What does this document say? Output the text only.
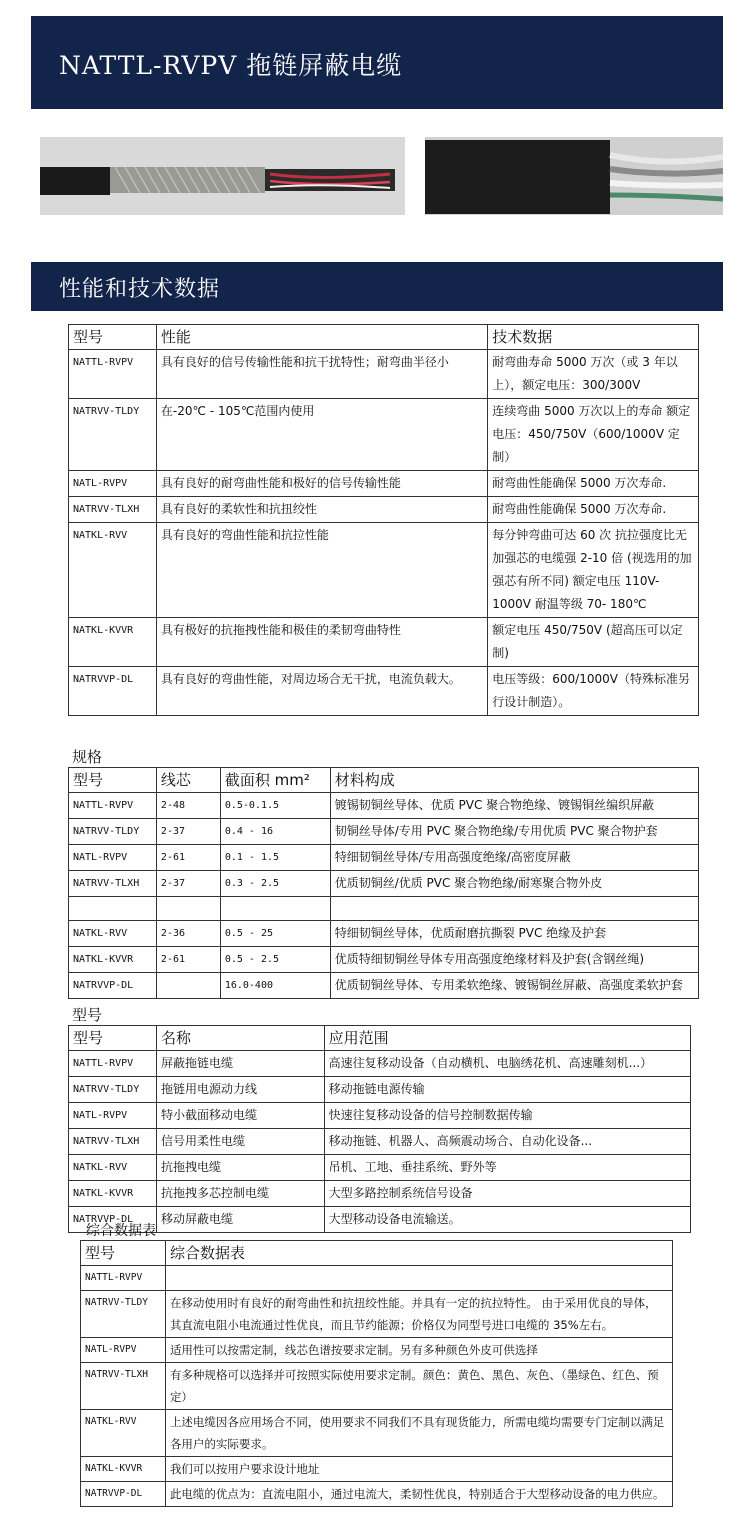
NATTL-RVPV 拖链屏蔽电缆
性能和技术数据
型号	性能	技术数据
NATTL-RVPV	具有良好的信号传输性能和抗干扰特性；耐弯曲半径小	耐弯曲寿命 5000 万次（或 3 年以上），额定电压：300/300V
NATRVV-TLDY	在-20℃ - 105℃范围内使用	连续弯曲 5000 万次以上的寿命 额定电压：450/750V（600/1000V 定制）
NATL-RVPV	具有良好的耐弯曲性能和极好的信号传输性能	耐弯曲性能确保 5000 万次寿命.
NATRVV-TLXH	具有良好的柔软性和抗扭绞性	耐弯曲性能确保 5000 万次寿命.
NATKL-RVV	具有良好的弯曲性能和抗拉性能	每分钟弯曲可达 60 次 抗拉强度比无加强芯的电缆强 2-10 倍 (视选用的加强芯有所不同) 额定电压 110V- 1000V 耐温等级 70- 180℃
NATKL-KVVR	具有极好的抗拖拽性能和极佳的柔韧弯曲特性	额定电压 450/750V (超高压可以定制)
NATRVVP-DL	具有良好的弯曲性能，对周边场合无干扰，电流负载大。	电压等级：600/1000V（特殊标准另行设计制造）。
规格
型号	线芯	截面积 mm²	材料构成
NATTL-RVPV	2-48	0.5-0.1.5	镀锡韧铜丝导体、优质 PVC 聚合物绝缘、镀锡铜丝编织屏蔽
NATRVV-TLDY	2-37	0.4 - 16	韧铜丝导体/专用 PVC 聚合物绝缘/专用优质 PVC 聚合物护套
NATL-RVPV	2-61	0.1 - 1.5	特细韧铜丝导体/专用高强度绝缘/高密度屏蔽
NATRVV-TLXH	2-37	0.3 - 2.5	优质韧铜丝/优质 PVC 聚合物绝缘/耐寒聚合物外皮

NATKL-RVV	2-36	0.5 - 25	特细韧铜丝导体，优质耐磨抗撕裂 PVC 绝缘及护套
NATKL-KVVR	2-61	0.5 - 2.5	优质特细韧铜丝导体专用高强度绝缘材料及护套(含钢丝绳)
NATRVVP-DL		16.0-400	优质韧铜丝导体、专用柔软绝缘、镀锡铜丝屏蔽、高强度柔软护套
型号
型号	名称	应用范围
NATTL-RVPV	屏蔽拖链电缆	高速往复移动设备（自动横机、电脑绣花机、高速雕刻机...）
NATRVV-TLDY	拖链用电源动力线	移动拖链电源传输
NATL-RVPV	特小截面移动电缆	快速往复移动设备的信号控制数据传输
NATRVV-TLXH	信号用柔性电缆	移动拖链、机器人、高频震动场合、自动化设备...
NATKL-RVV	抗拖拽电缆	吊机、工地、垂挂系统、野外等
NATKL-KVVR	抗拖拽多芯控制电缆	大型多路控制系统信号设备
NATRVVP-DL	移动屏蔽电缆	大型移动设备电流输送。
综合数据表
型号	综合数据表
NATTL-RVPV	
NATRVV-TLDY	在移动使用时有良好的耐弯曲性和抗扭绞性能。并具有一定的抗拉特性。 由于采用优良的导体，其直流电阻小电流通过性优良，而且节约能源；价格仅为同型号进口电缆的 35%左右。
NATL-RVPV	适用性可以按需定制，线芯色谱按要求定制。另有多种颜色外皮可供选择
NATRVV-TLXH	有多种规格可以选择并可按照实际使用要求定制。颜色：黄色、黑色、灰色、（墨绿色、红色、预定）
NATKL-RVV	上述电缆因各应用场合不同，使用要求不同我们不具有现货能力，所需电缆均需要专门定制以满足各用户的实际要求。
NATKL-KVVR	我们可以按用户要求设计地址
NATRVVP-DL	此电缆的优点为：直流电阻小，通过电流大，柔韧性优良，特别适合于大型移动设备的电力供应。
